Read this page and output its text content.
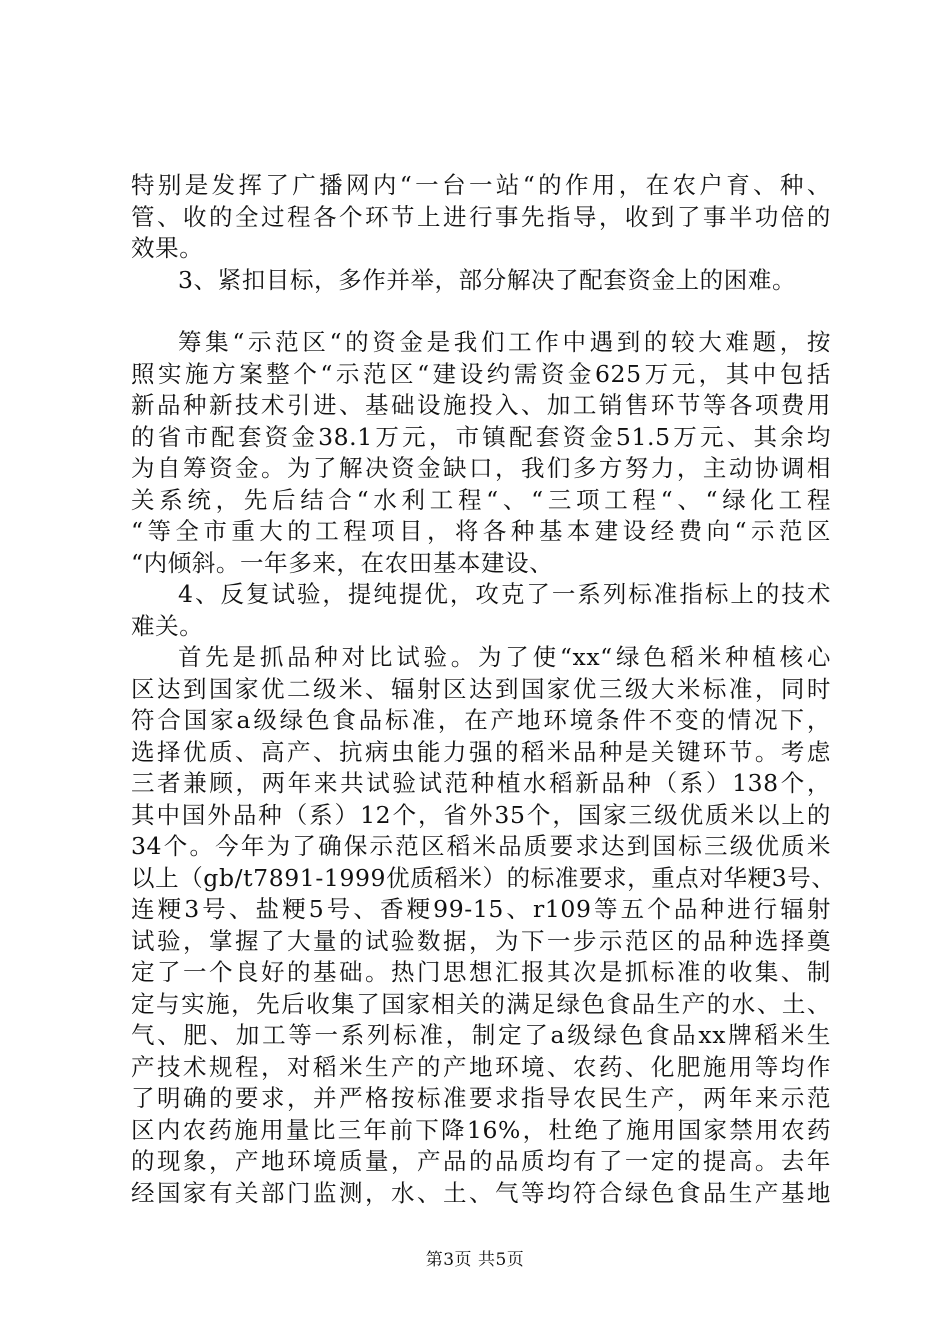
特别是发挥了广播网内“一台一站“的作用，在农户育、种、
管、收的全过程各个环节上进行事先指导，收到了事半功倍的
效果。
3、紧扣目标，多作并举，部分解决了配套资金上的困难。
筹集“示范区“的资金是我们工作中遇到的较大难题，按
照实施方案整个“示范区“建设约需资金625万元，其中包括
新品种新技术引进、基础设施投入、加工销售环节等各项费用
的省市配套资金38.1万元，市镇配套资金51.5万元、其余均
为自筹资金。为了解决资金缺口，我们多方努力，主动协调相
关系统，先后结合“水利工程“、“三项工程“、“绿化工程
“等全市重大的工程项目，将各种基本建设经费向“示范区
“内倾斜。一年多来，在农田基本建设、
4、反复试验，提纯提优，攻克了一系列标准指标上的技术
难关。
首先是抓品种对比试验。为了使“xx“绿色稻米种植核心
区达到国家优二级米、辐射区达到国家优三级大米标准，同时
符合国家a级绿色食品标准，在产地环境条件不变的情况下，
选择优质、高产、抗病虫能力强的稻米品种是关键环节。考虑
三者兼顾，两年来共试验试范种植水稻新品种（系）138个，
其中国外品种（系）12个，省外35个，国家三级优质米以上的
34个。今年为了确保示范区稻米品质要求达到国标三级优质米
以上（gb/t7891-1999优质稻米）的标准要求，重点对华粳3号、
连粳3号、盐粳5号、香粳99-15、r109等五个品种进行辐射
试验，掌握了大量的试验数据，为下一步示范区的品种选择奠
定了一个良好的基础。热门思想汇报其次是抓标准的收集、制
定与实施，先后收集了国家相关的满足绿色食品生产的水、土、
气、肥、加工等一系列标准，制定了a级绿色食品xx牌稻米生
产技术规程，对稻米生产的产地环境、农药、化肥施用等均作
了明确的要求，并严格按标准要求指导农民生产，两年来示范
区内农药施用量比三年前下降16%，杜绝了施用国家禁用农药
的现象，产地环境质量，产品的品质均有了一定的提高。去年
经国家有关部门监测，水、土、气等均符合绿色食品生产基地
第3页 共5页
